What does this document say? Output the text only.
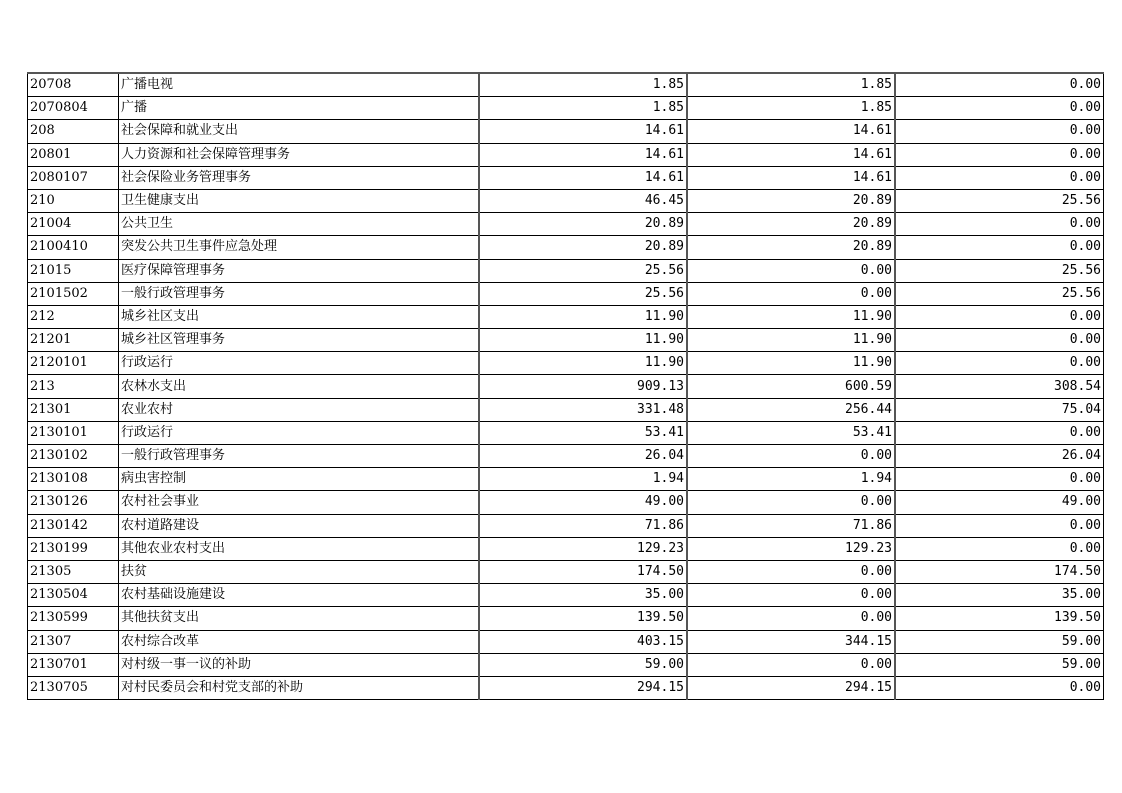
20708	广播电视	1.85	1.85	0.00
2070804	广播	1.85	1.85	0.00
208	社会保障和就业支出	14.61	14.61	0.00
20801	人力资源和社会保障管理事务	14.61	14.61	0.00
2080107	社会保险业务管理事务	14.61	14.61	0.00
210	卫生健康支出	46.45	20.89	25.56
21004	公共卫生	20.89	20.89	0.00
2100410	突发公共卫生事件应急处理	20.89	20.89	0.00
21015	医疗保障管理事务	25.56	0.00	25.56
2101502	一般行政管理事务	25.56	0.00	25.56
212	城乡社区支出	11.90	11.90	0.00
21201	城乡社区管理事务	11.90	11.90	0.00
2120101	行政运行	11.90	11.90	0.00
213	农林水支出	909.13	600.59	308.54
21301	农业农村	331.48	256.44	75.04
2130101	行政运行	53.41	53.41	0.00
2130102	一般行政管理事务	26.04	0.00	26.04
2130108	病虫害控制	1.94	1.94	0.00
2130126	农村社会事业	49.00	0.00	49.00
2130142	农村道路建设	71.86	71.86	0.00
2130199	其他农业农村支出	129.23	129.23	0.00
21305	扶贫	174.50	0.00	174.50
2130504	农村基础设施建设	35.00	0.00	35.00
2130599	其他扶贫支出	139.50	0.00	139.50
21307	农村综合改革	403.15	344.15	59.00
2130701	对村级一事一议的补助	59.00	0.00	59.00
2130705	对村民委员会和村党支部的补助	294.15	294.15	0.00
